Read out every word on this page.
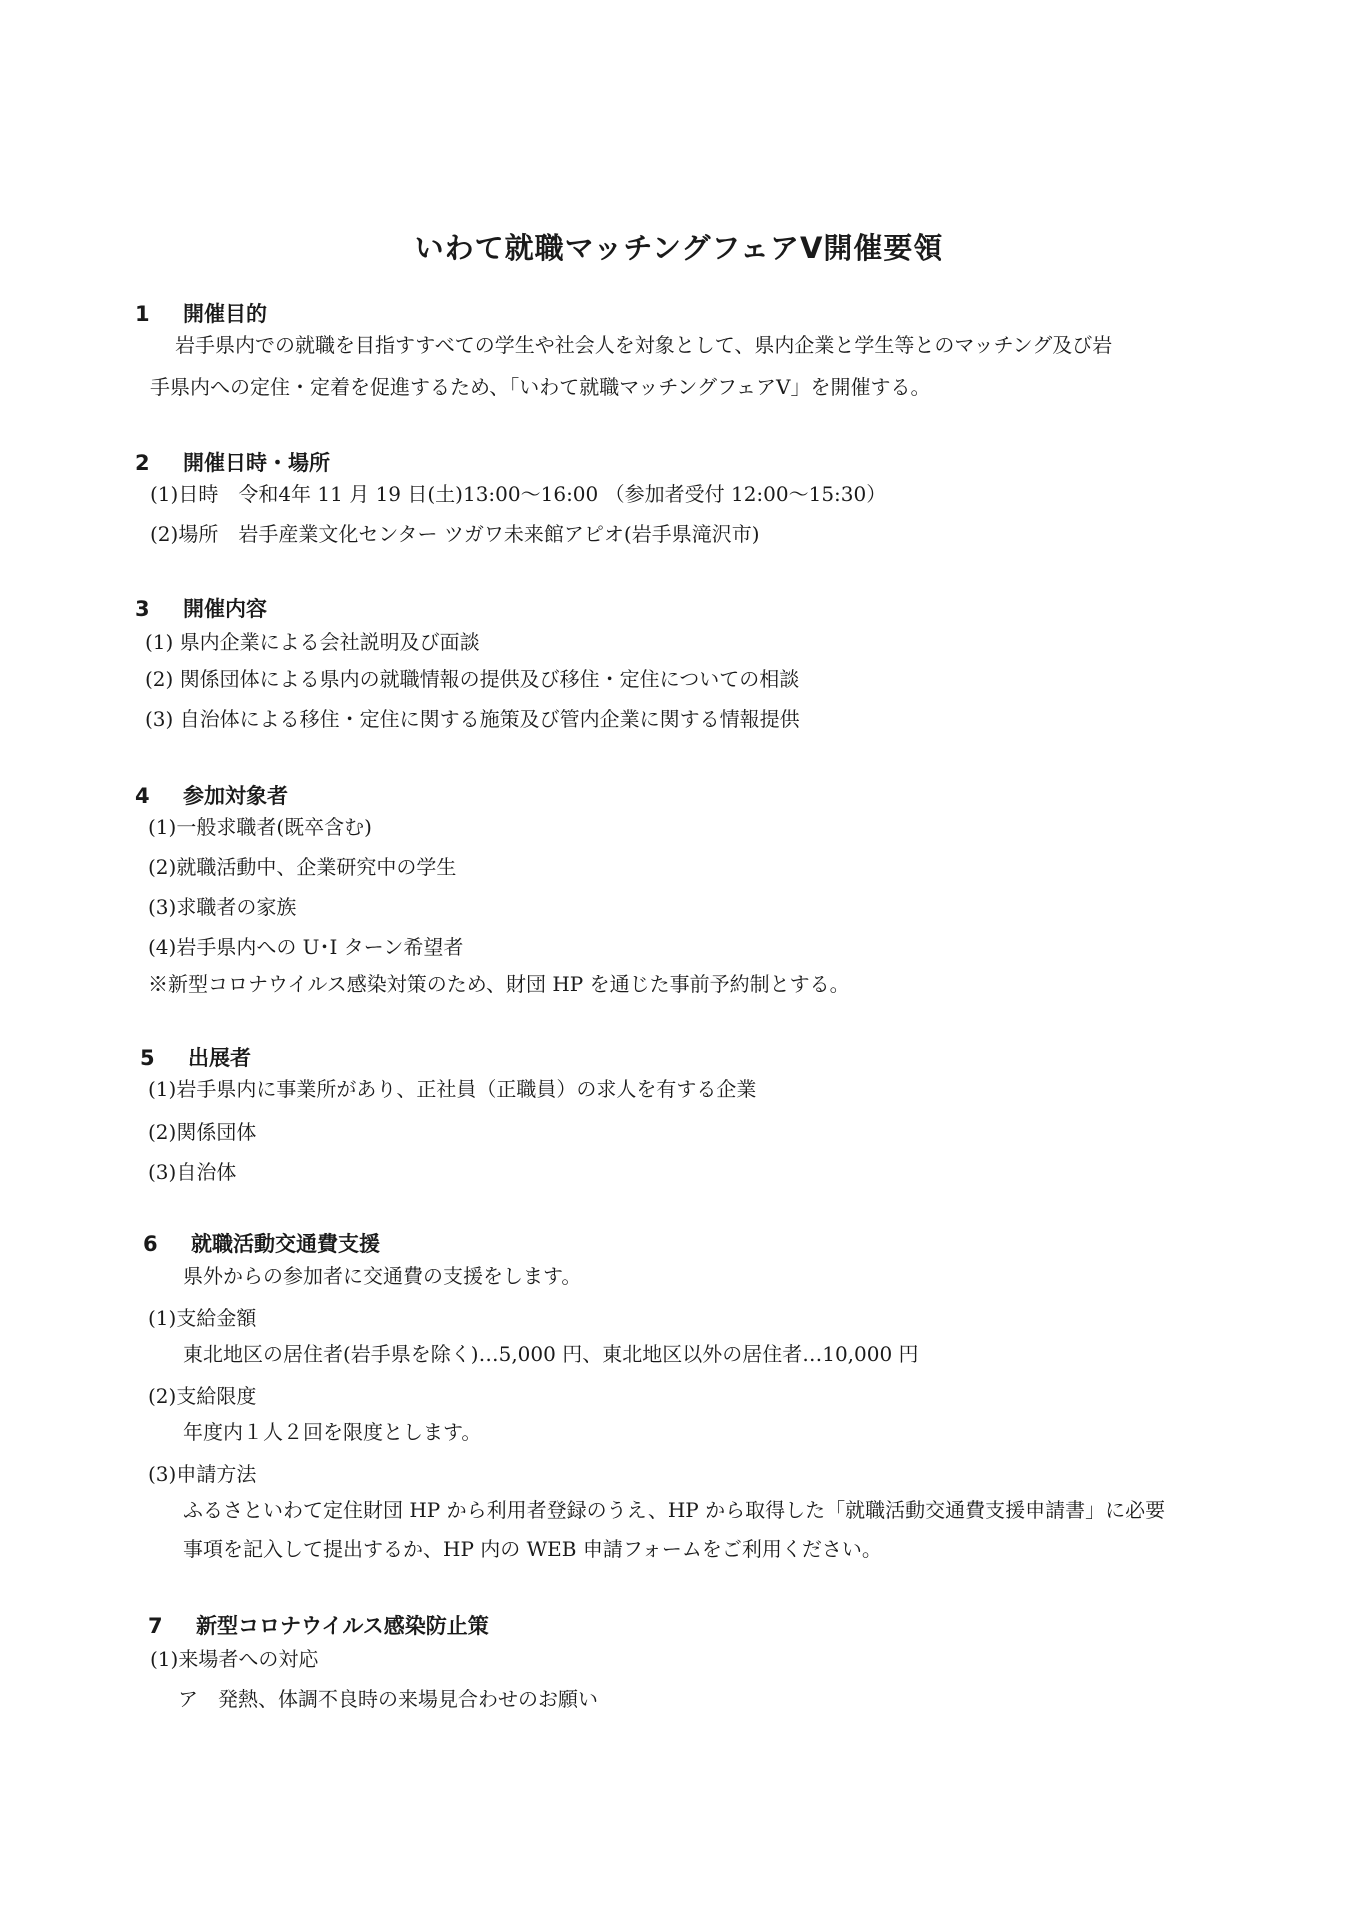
いわて就職マッチングフェアⅤ開催要領
1 開催目的
岩手県内での就職を目指すすべての学生や社会人を対象として、県内企業と学生等とのマッチング及び岩
手県内への定住・定着を促進するため、「いわて就職マッチングフェアⅤ」を開催する。
2 開催日時・場所
(1)日時　令和4年 11 月 19 日(土)13:00～16:00 （参加者受付 12:00～15:30）
(2)場所　岩手産業文化センター ツガワ未来館アピオ(岩手県滝沢市)
3 開催内容
(1) 県内企業による会社説明及び面談
(2) 関係団体による県内の就職情報の提供及び移住・定住についての相談
(3) 自治体による移住・定住に関する施策及び管内企業に関する情報提供
4 参加対象者
(1)一般求職者(既卒含む)
(2)就職活動中、企業研究中の学生
(3)求職者の家族
(4)岩手県内への U･I ターン希望者
※新型コロナウイルス感染対策のため、財団 HP を通じた事前予約制とする。
5 出展者
(1)岩手県内に事業所があり、正社員（正職員）の求人を有する企業
(2)関係団体
(3)自治体
6 就職活動交通費支援
県外からの参加者に交通費の支援をします。
(1)支給金額
東北地区の居住者(岩手県を除く)…5,000 円、東北地区以外の居住者…10,000 円
(2)支給限度
年度内１人２回を限度とします。
(3)申請方法
ふるさといわて定住財団 HP から利用者登録のうえ、HP から取得した「就職活動交通費支援申請書」に必要
事項を記入して提出するか、HP 内の WEB 申請フォームをご利用ください。
7 新型コロナウイルス感染防止策
(1)来場者への対応
ア　発熱、体調不良時の来場見合わせのお願い
